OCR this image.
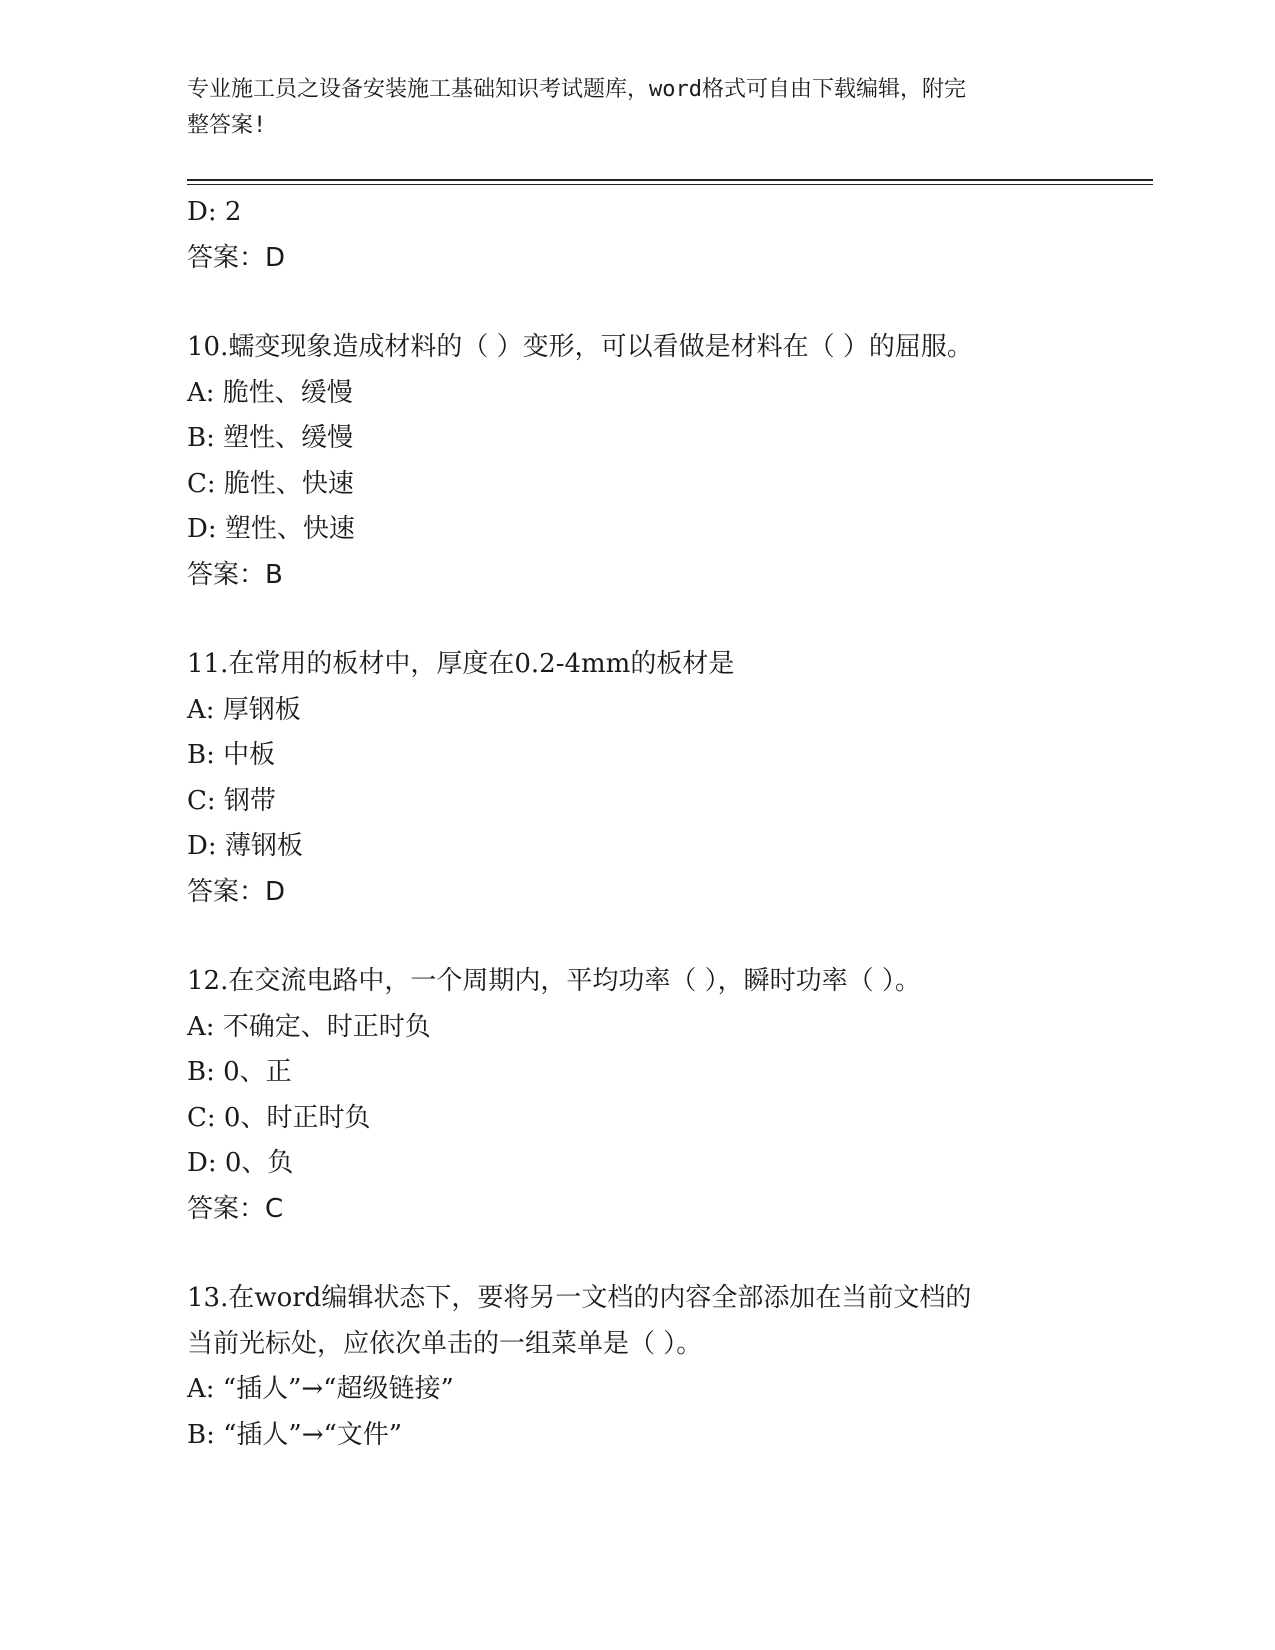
专业施工员之设备安装施工基础知识考试题库，word格式可自由下载编辑，附完
整答案!
D: 2
答案：D
10.蠕变现象造成材料的（ ）变形，可以看做是材料在（ ）的屈服。
A: 脆性、缓慢
B: 塑性、缓慢
C: 脆性、快速
D: 塑性、快速
答案：B
11.在常用的板材中，厚度在0.2-4mm的板材是
A: 厚钢板
B: 中板
C: 钢带
D: 薄钢板
答案：D
12.在交流电路中，一个周期内，平均功率（ ），瞬时功率（ ）。
A: 不确定、时正时负
B: 0、正
C: 0、时正时负
D: 0、负
答案：C
13.在word编辑状态下，要将另一文档的内容全部添加在当前文档的
当前光标处，应依次单击的一组菜单是（ ）。
A: “插人”→“超级链接”
B: “插人”→“文件”
